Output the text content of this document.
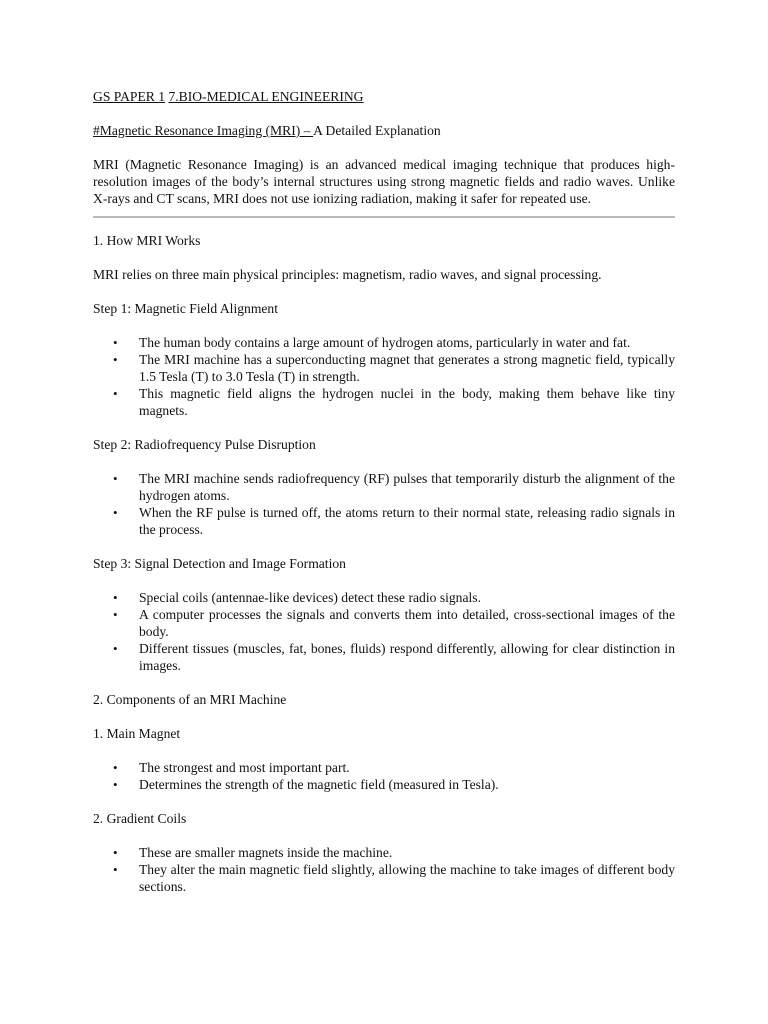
GS PAPER 1 7.BIO-MEDICAL ENGINEERING

#Magnetic Resonance Imaging (MRI) – A Detailed Explanation

MRI (Magnetic Resonance Imaging) is an advanced medical imaging technique that produces high-resolution images of the body’s internal structures using strong magnetic fields and radio waves. Unlike X-rays and CT scans, MRI does not use ionizing radiation, making it safer for repeated use.

1. How MRI Works

MRI relies on three main physical principles: magnetism, radio waves, and signal processing.

Step 1: Magnetic Field Alignment

• The human body contains a large amount of hydrogen atoms, particularly in water and fat.
• The MRI machine has a superconducting magnet that generates a strong magnetic field, typically 1.5 Tesla (T) to 3.0 Tesla (T) in strength.
• This magnetic field aligns the hydrogen nuclei in the body, making them behave like tiny magnets.

Step 2: Radiofrequency Pulse Disruption

• The MRI machine sends radiofrequency (RF) pulses that temporarily disturb the alignment of the hydrogen atoms.
• When the RF pulse is turned off, the atoms return to their normal state, releasing radio signals in the process.

Step 3: Signal Detection and Image Formation

• Special coils (antennae-like devices) detect these radio signals.
• A computer processes the signals and converts them into detailed, cross-sectional images of the body.
• Different tissues (muscles, fat, bones, fluids) respond differently, allowing for clear distinction in images.

2. Components of an MRI Machine

1. Main Magnet

• The strongest and most important part.
• Determines the strength of the magnetic field (measured in Tesla).

2. Gradient Coils

• These are smaller magnets inside the machine.
• They alter the main magnetic field slightly, allowing the machine to take images of different body sections.
